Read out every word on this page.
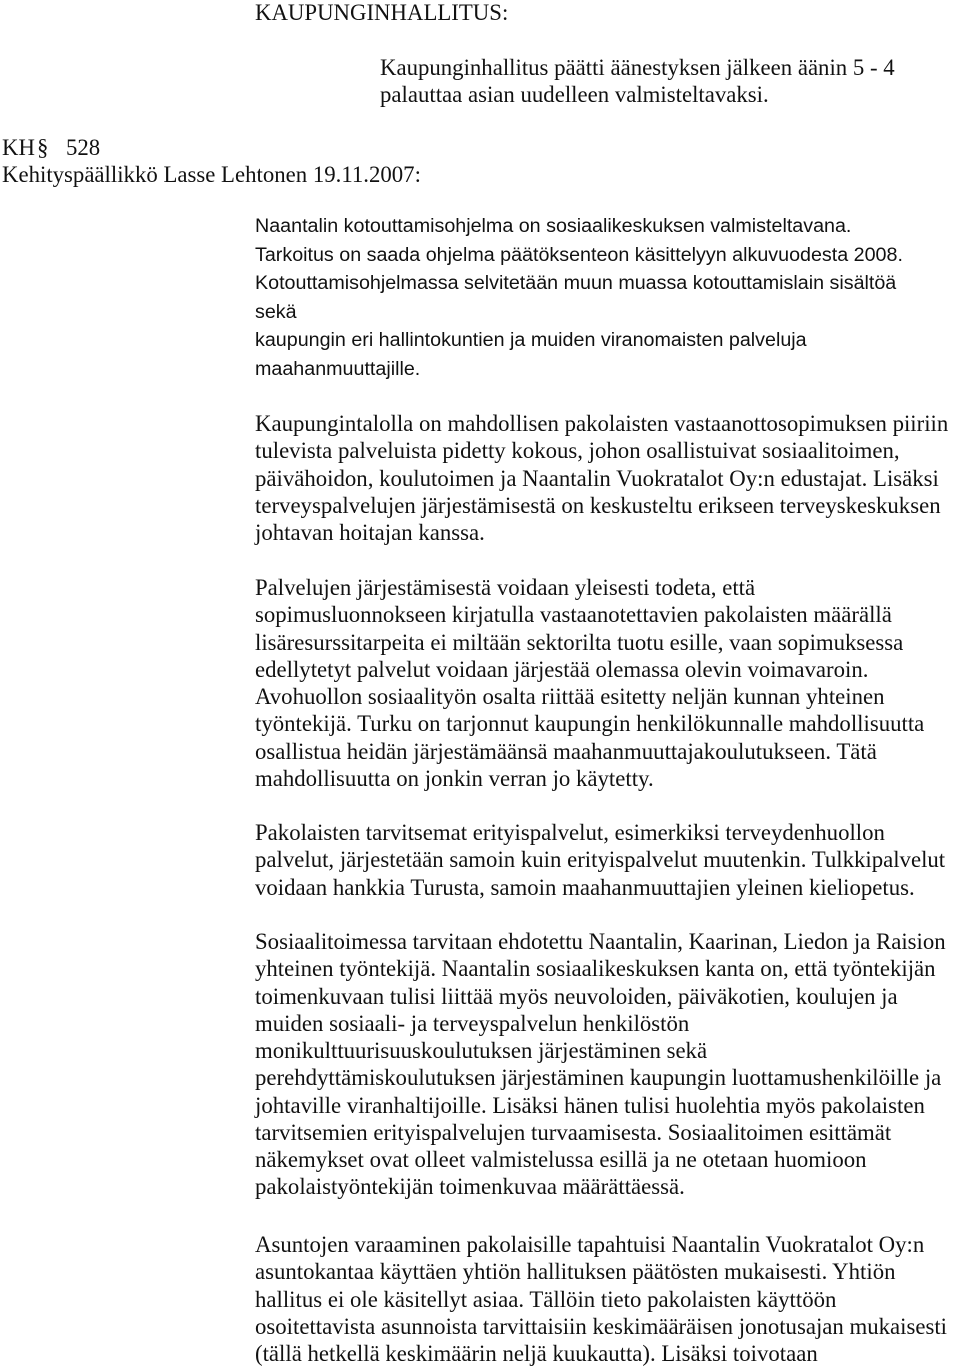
KAUPUNGINHALLITUS:
Kaupunginhallitus päätti äänestyksen jälkeen äänin 5 - 4
palauttaa asian uudelleen valmisteltavaksi.
KH § 528
Kehityspäällikkö Lasse Lehtonen 19.11.2007:
Naantalin kotouttamisohjelma on sosiaalikeskuksen valmisteltavana.
Tarkoitus on saada ohjelma päätöksenteon käsittelyyn alkuvuodesta 2008.
Kotouttamisohjelmassa selvitetään muun muassa kotouttamislain sisältöä
sekä
kaupungin eri hallintokuntien ja muiden viranomaisten palveluja
maahanmuuttajille.
Kaupungintalolla on mahdollisen pakolaisten vastaanottosopimuksen piiriin
tulevista palveluista pidetty kokous, johon osallistuivat sosiaalitoimen,
päivähoidon, koulutoimen ja Naantalin Vuokratalot Oy:n edustajat. Lisäksi
terveyspalvelujen järjestämisestä on keskusteltu erikseen terveyskeskuksen
johtavan hoitajan kanssa.
Palvelujen järjestämisestä voidaan yleisesti todeta, että
sopimusluonnokseen kirjatulla vastaanotettavien pakolaisten määrällä
lisäresurssitarpeita ei miltään sektorilta tuotu esille, vaan sopimuksessa
edellytetyt palvelut voidaan järjestää olemassa olevin voimavaroin.
Avohuollon sosiaalityön osalta riittää esitetty neljän kunnan yhteinen
työntekijä. Turku on tarjonnut kaupungin henkilökunnalle mahdollisuutta
osallistua heidän järjestämäänsä maahanmuuttajakoulutukseen. Tätä
mahdollisuutta on jonkin verran jo käytetty.
Pakolaisten tarvitsemat erityispalvelut, esimerkiksi terveydenhuollon
palvelut, järjestetään samoin kuin erityispalvelut muutenkin. Tulkkipalvelut
voidaan hankkia Turusta, samoin maahanmuuttajien yleinen kieliopetus.
Sosiaalitoimessa tarvitaan ehdotettu Naantalin, Kaarinan, Liedon ja Raision
yhteinen työntekijä. Naantalin sosiaalikeskuksen kanta on, että työntekijän
toimenkuvaan tulisi liittää myös neuvoloiden, päiväkotien, koulujen ja
muiden sosiaali- ja terveyspalvelun henkilöstön
monikulttuurisuuskoulutuksen järjestäminen sekä
perehdyttämiskoulutuksen järjestäminen kaupungin luottamushenkilöille ja
johtaville viranhaltijoille. Lisäksi hänen tulisi huolehtia myös pakolaisten
tarvitsemien erityispalvelujen turvaamisesta. Sosiaalitoimen esittämät
näkemykset ovat olleet valmistelussa esillä ja ne otetaan huomioon
pakolaistyöntekijän toimenkuvaa määrättäessä.
Asuntojen varaaminen pakolaisille tapahtuisi Naantalin Vuokratalot Oy:n
asuntokantaa käyttäen yhtiön hallituksen päätösten mukaisesti. Yhtiön
hallitus ei ole käsitellyt asiaa. Tällöin tieto pakolaisten käyttöön
osoitettavista asunnoista tarvittaisiin keskimääräisen jonotusajan mukaisesti
(tällä hetkellä keskimäärin neljä kuukautta). Lisäksi toivotaan
